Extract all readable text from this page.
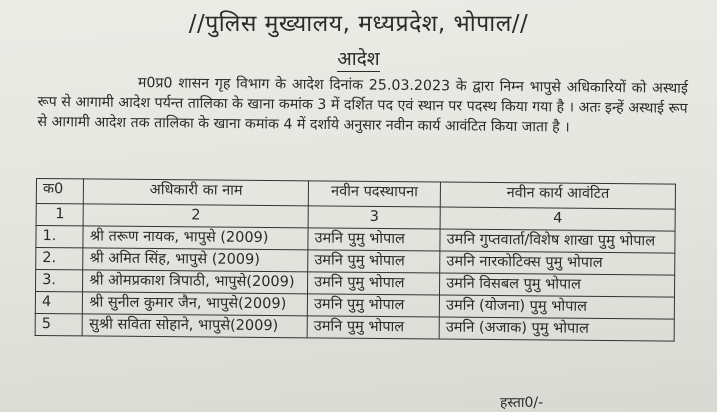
//पुलिस मुख्यालय, मध्यप्रदेश, भोपाल//
आदेश
म0प्र0 शासन गृह विभाग के आदेश दिनांक 25.03.2023 के द्वारा निम्न भापुसे अधिकारियों को अस्थाई रूप से आगामी आदेश पर्यन्त तालिका के खाना कमांक 3 में दर्शित पद एवं स्थान पर पदस्थ किया गया है । अतः इन्हें अस्थाई रूप से आगामी आदेश तक तालिका के खाना कमांक 4 में दर्शाये अनुसार नवीन कार्य आवंटित किया जाता है ।
क0	अधिकारी का नाम	नवीन पदस्थापना	नवीन कार्य आवंटित
1	2	3	4
1.	श्री तरूण नायक, भापुसे (2009)	उमनि पुमु भोपाल	उमनि गुप्तवार्ता/विशेष शाखा पुमु भोपाल
2.	श्री अमित सिंह, भापुसे (2009)	उमनि पुमु भोपाल	उमनि नारकोटिक्स पुमु भोपाल
3.	श्री ओमप्रकाश त्रिपाठी, भापुसे(2009)	उमनि पुमु भोपाल	उमनि विसबल पुमु भोपाल
4	श्री सुनील कुमार जैन, भापुसे(2009)	उमनि पुमु भोपाल	उमनि (योजना) पुमु भोपाल
5	सुश्री सविता सोहाने, भापुसे(2009)	उमनि पुमु भोपाल	उमनि (अजाक) पुमु भोपाल
हस्ता0/-
